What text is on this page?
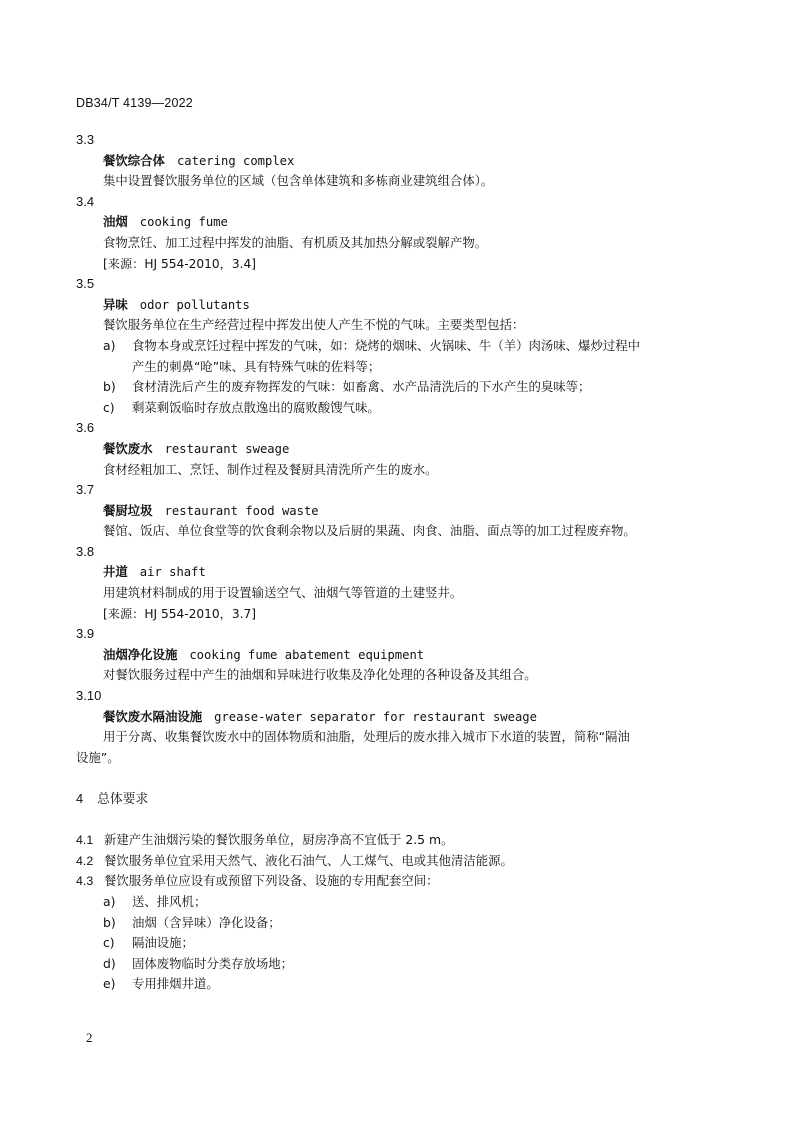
DB34/T 4139—2022
3.3
餐饮综合体 catering complex
集中设置餐饮服务单位的区域（包含单体建筑和多栋商业建筑组合体）。
3.4
油烟 cooking fume
食物烹饪、加工过程中挥发的油脂、有机质及其加热分解或裂解产物。
[来源：HJ 554-2010，3.4]
3.5
异味 odor pollutants
餐饮服务单位在生产经营过程中挥发出使人产生不悦的气味。主要类型包括：
a) 食物本身或烹饪过程中挥发的气味，如：烧烤的烟味、火锅味、牛（羊）肉汤味、爆炒过程中
产生的刺鼻“呛”味、具有特殊气味的佐料等；
b) 食材清洗后产生的废弃物挥发的气味：如畜禽、水产品清洗后的下水产生的臭味等；
c) 剩菜剩饭临时存放点散逸出的腐败酸馊气味。
3.6
餐饮废水 restaurant sweage
食材经粗加工、烹饪、制作过程及餐厨具清洗所产生的废水。
3.7
餐厨垃圾 restaurant food waste
餐馆、饭店、单位食堂等的饮食剩余物以及后厨的果蔬、肉食、油脂、面点等的加工过程废弃物。
3.8
井道 air shaft
用建筑材料制成的用于设置输送空气、油烟气等管道的土建竖井。
[来源：HJ 554-2010，3.7]
3.9
油烟净化设施 cooking fume abatement equipment
对餐饮服务过程中产生的油烟和异味进行收集及净化处理的各种设备及其组合。
3.10
餐饮废水隔油设施 grease-water separator for restaurant sweage
用于分离、收集餐饮废水中的固体物质和油脂，处理后的废水排入城市下水道的装置，简称“隔油
设施”。
4 总体要求
4.1 新建产生油烟污染的餐饮服务单位，厨房净高不宜低于 2.5 m。
4.2 餐饮服务单位宜采用天然气、液化石油气、人工煤气、电或其他清洁能源。
4.3 餐饮服务单位应设有或预留下列设备、设施的专用配套空间：
a) 送、排风机；
b) 油烟（含异味）净化设备；
c) 隔油设施；
d) 固体废物临时分类存放场地；
e) 专用排烟井道。
2
